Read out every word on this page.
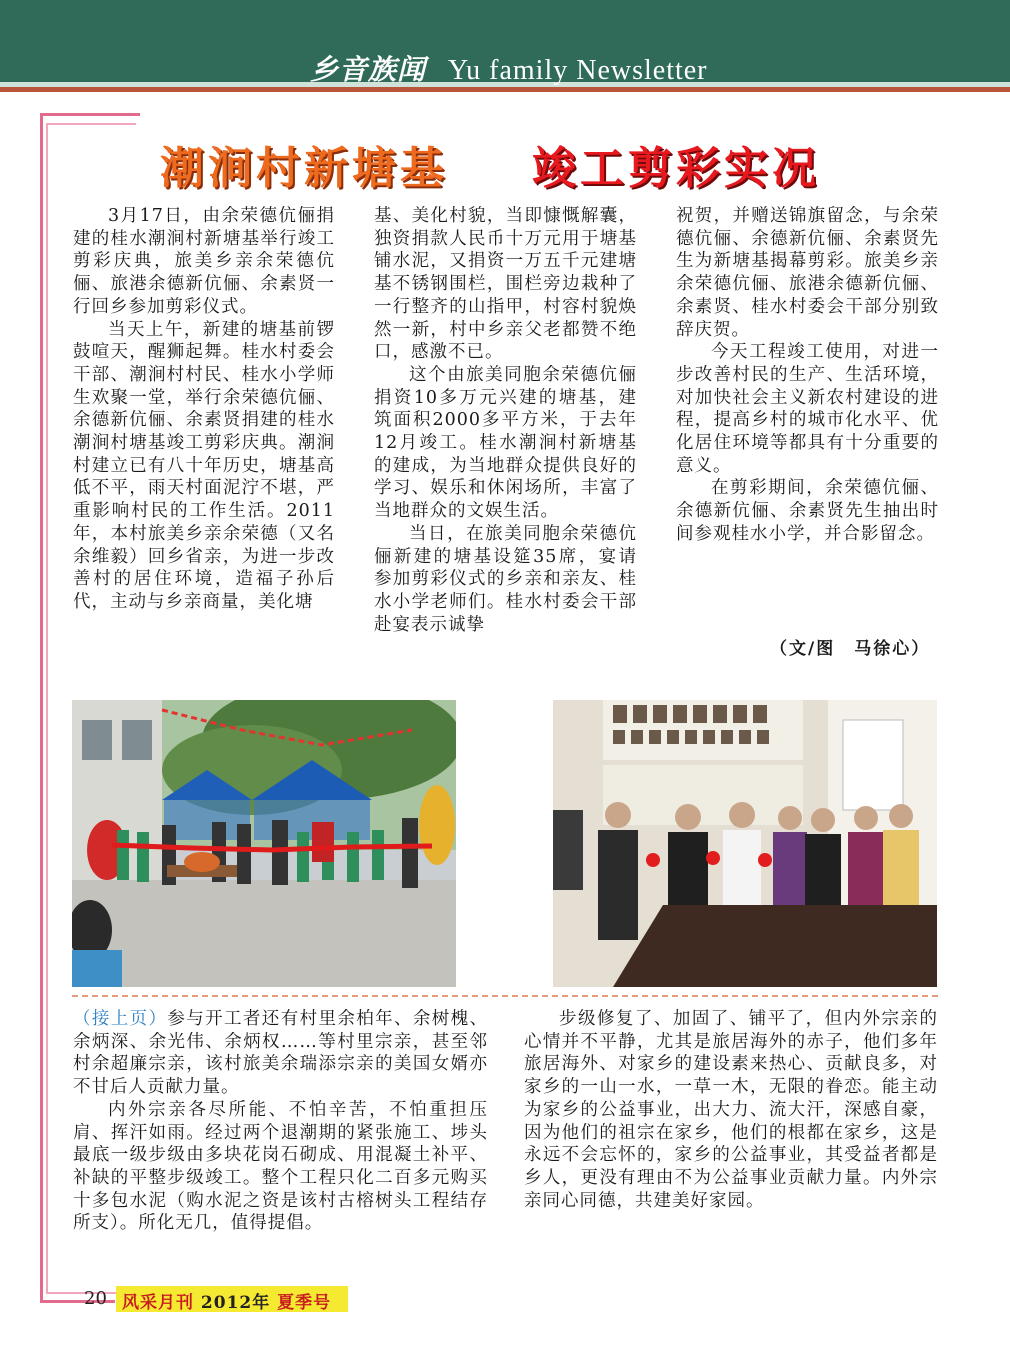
乡音族闻 Yu family Newsletter
潮涧村新塘基 竣工剪彩实况

3月17日，由余荣德伉俪捐建的桂水潮涧村新塘基举行竣工剪彩庆典，旅美乡亲余荣德伉俪、旅港余德新伉俪、余素贤一行回乡参加剪彩仪式。

当天上午，新建的塘基前锣鼓喧天，醒狮起舞。桂水村委会干部、潮涧村村民、桂水小学师生欢聚一堂，举行余荣德伉俪、余德新伉俪、余素贤捐建的桂水潮涧村塘基竣工剪彩庆典。潮涧村建立已有八十年历史，塘基高低不平，雨天村面泥泞不堪，严重影响村民的工作生活。2011年，本村旅美乡亲余荣德（又名余维毅）回乡省亲，为进一步改善村的居住环境，造福子孙后代，主动与乡亲商量，美化塘

基、美化村貌，当即慷慨解囊，独资捐款人民币十万元用于塘基铺水泥，又捐资一万五千元建塘基不锈钢围栏，围栏旁边栽种了一行整齐的山指甲，村容村貌焕然一新，村中乡亲父老都赞不绝口，感激不已。

这个由旅美同胞余荣德伉俪捐资10多万元兴建的塘基，建筑面积2000多平方米，于去年12月竣工。桂水潮涧村新塘基的建成，为当地群众提供良好的学习、娱乐和休闲场所，丰富了当地群众的文娱生活。

当日，在旅美同胞余荣德伉俪新建的塘基设筵35席，宴请参加剪彩仪式的乡亲和亲友、桂水小学老师们。桂水村委会干部赴宴表示诚挚

祝贺，并赠送锦旗留念，与余荣德伉俪、余德新伉俪、余素贤先生为新塘基揭幕剪彩。旅美乡亲余荣德伉俪、旅港余德新伉俪、余素贤、桂水村委会干部分别致辞庆贺。

今天工程竣工使用，对进一步改善村民的生产、生活环境，对加快社会主义新农村建设的进程，提高乡村的城市化水平、优化居住环境等都具有十分重要的意义。

在剪彩期间，余荣德伉俪、余德新伉俪、余素贤先生抽出时间参观桂水小学，并合影留念。

（文/图　马徐心）

（接上页）参与开工者还有村里余柏年、余树槐、余炳深、余光伟、余炳权……等村里宗亲，甚至邻村余超廉宗亲，该村旅美余瑞添宗亲的美国女婿亦不甘后人贡献力量。

内外宗亲各尽所能、不怕辛苦，不怕重担压肩、挥汗如雨。经过两个退潮期的紧张施工、埗头最底一级步级由多块花岗石砌成、用混凝土补平、补缺的平整步级竣工。整个工程只化二百多元购买十多包水泥（购水泥之资是该村古榕树头工程结存所支）。所化无几，值得提倡。

步级修复了、加固了、铺平了，但内外宗亲的心情并不平静，尤其是旅居海外的赤子，他们多年旅居海外、对家乡的建设素来热心、贡献良多，对家乡的一山一水，一草一木，无限的眷恋。能主动为家乡的公益事业，出大力、流大汗，深感自豪，因为他们的祖宗在家乡，他们的根都在家乡，这是永远不会忘怀的，家乡的公益事业，其受益者都是乡人，更没有理由不为公益事业贡献力量。内外宗亲同心同德，共建美好家园。

20 风采月刊 2012年 夏季号
